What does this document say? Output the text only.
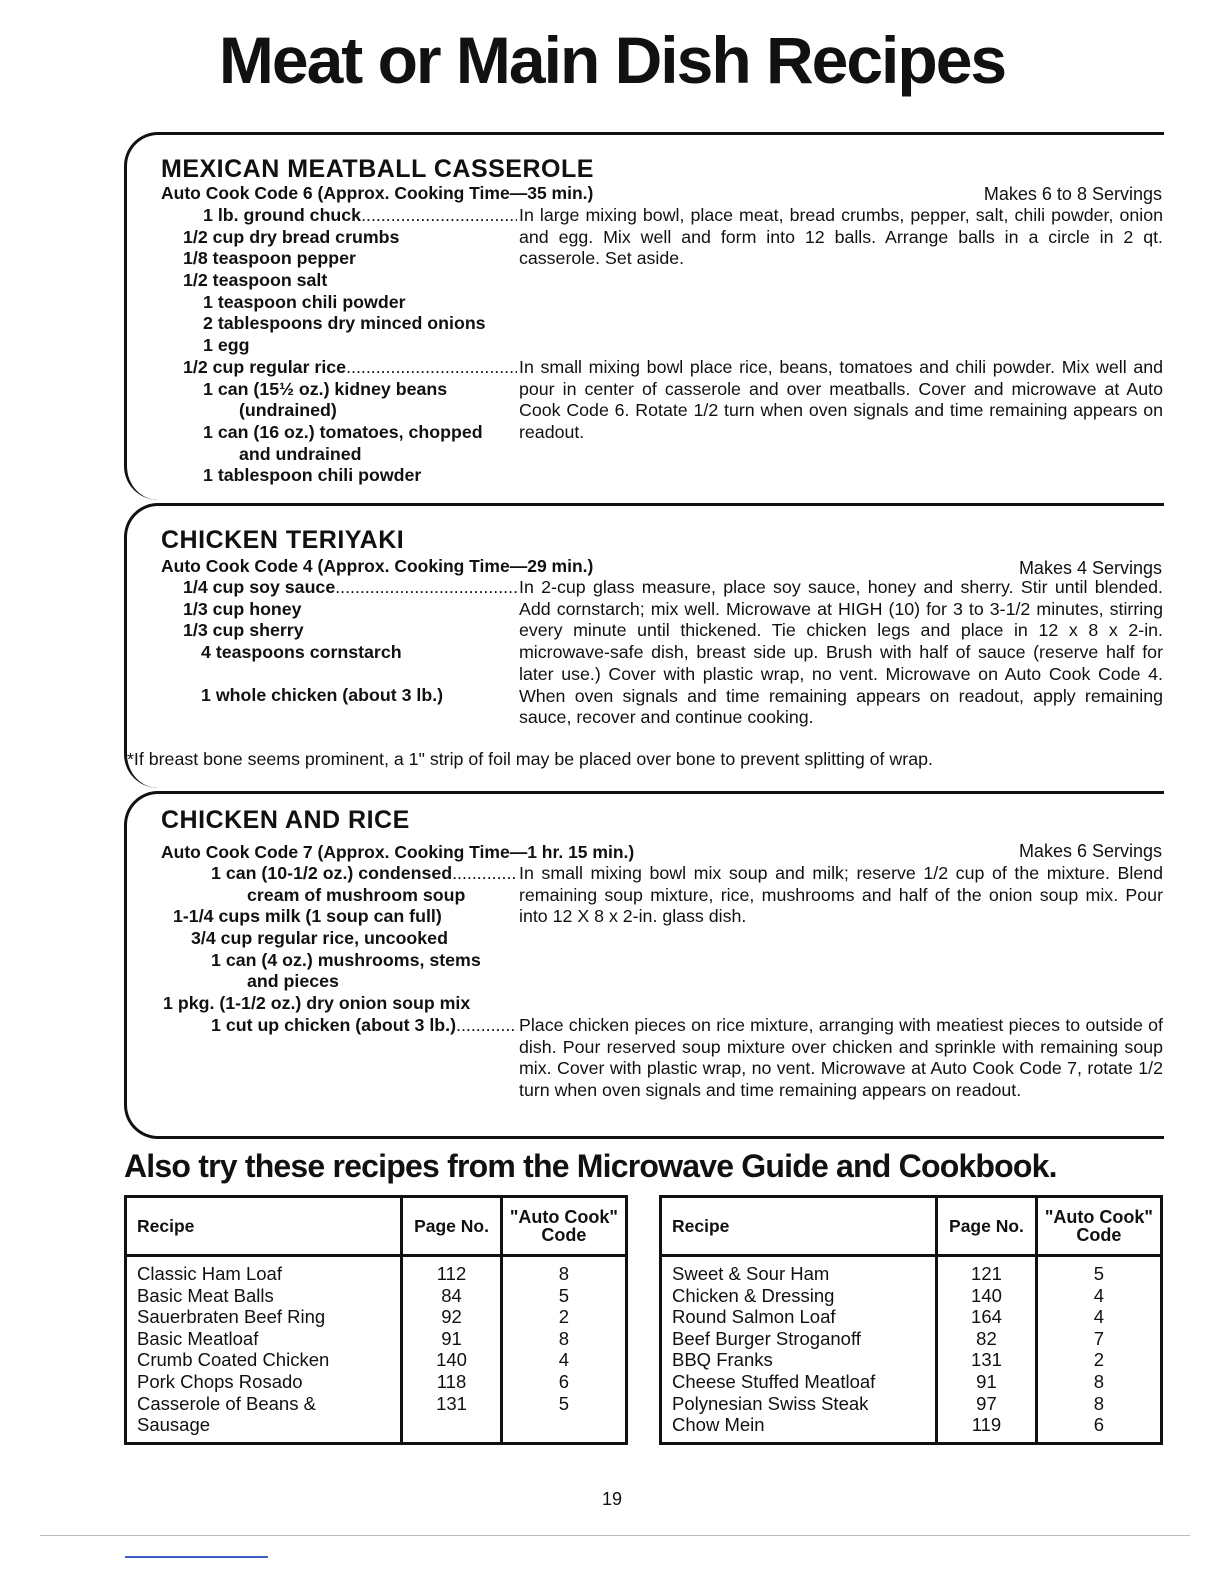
Meat or Main Dish Recipes
MEXICAN MEATBALL CASSEROLE
Auto Cook Code 6 (Approx. Cooking Time—35 min.)	Makes 6 to 8 Servings
1 lb. ground chuck .....
1/2 cup dry bread crumbs
1/8 teaspoon pepper
1/2 teaspoon salt
1 teaspoon chili powder
2 tablespoons dry minced onions
1 egg
1/2 cup regular rice .....
1 can (15½ oz.) kidney beans
(undrained)
1 can (16 oz.) tomatoes, chopped
and undrained
1 tablespoon chili powder
In large mixing bowl, place meat, bread crumbs, pepper, salt, chili powder, onion and egg. Mix well and form into 12 balls. Arrange balls in a circle in 2 qt. casserole. Set aside.
In small mixing bowl place rice, beans, tomatoes and chili powder. Mix well and pour in center of casserole and over meatballs. Cover and microwave at Auto Cook Code 6. Rotate 1/2 turn when oven signals and time remaining appears on readout.
CHICKEN TERIYAKI
Auto Cook Code 4 (Approx. Cooking Time—29 min.)	Makes 4 Servings
1/4 cup soy sauce .....
1/3 cup honey
1/3 cup sherry
4 teaspoons cornstarch
1 whole chicken (about 3 lb.)
In 2-cup glass measure, place soy sauce, honey and sherry. Stir until blended. Add cornstarch; mix well. Microwave at HIGH (10) for 3 to 3-1/2 minutes, stirring every minute until thickened. Tie chicken legs and place in 12 x 8 x 2-in. microwave-safe dish, breast side up. Brush with half of sauce (reserve half for later use.) Cover with plastic wrap, no vent. Microwave on Auto Cook Code 4. When oven signals and time remaining appears on readout, apply remaining sauce, recover and continue cooking.
*If breast bone seems prominent, a 1" strip of foil may be placed over bone to prevent splitting of wrap.
CHICKEN AND RICE
Auto Cook Code 7 (Approx. Cooking Time—1 hr. 15 min.)	Makes 6 Servings
1 can (10-1/2 oz.) condensed .....
cream of mushroom soup
1-1/4 cups milk (1 soup can full)
3/4 cup regular rice, uncooked
1 can (4 oz.) mushrooms, stems
and pieces
1 pkg. (1-1/2 oz.) dry onion soup mix
1 cut up chicken (about 3 lb.) .....
In small mixing bowl mix soup and milk; reserve 1/2 cup of the mixture. Blend remaining soup mixture, rice, mushrooms and half of the onion soup mix. Pour into 12 X 8 x 2-in. glass dish.
Place chicken pieces on rice mixture, arranging with meatiest pieces to outside of dish. Pour reserved soup mixture over chicken and sprinkle with remaining soup mix. Cover with plastic wrap, no vent. Microwave at Auto Cook Code 7, rotate 1/2 turn when oven signals and time remaining appears on readout.
Also try these recipes from the Microwave Guide and Cookbook.
Recipe	Page No.	"Auto Cook"
Code
Classic Ham Loaf	112	8
Basic Meat Balls	84	5
Sauerbraten Beef Ring	92	2
Basic Meatloaf	91	8
Crumb Coated Chicken	140	4
Pork Chops Rosado	118	6
Casserole of Beans &	131	5
Sausage		
Recipe	Page No.	"Auto Cook"
Code
Sweet & Sour Ham	121	5
Chicken & Dressing	140	4
Round Salmon Loaf	164	4
Beef Burger Stroganoff	82	7
BBQ Franks	131	2
Cheese Stuffed Meatloaf	91	8
Polynesian Swiss Steak	97	8
Chow Mein	119	6
19
